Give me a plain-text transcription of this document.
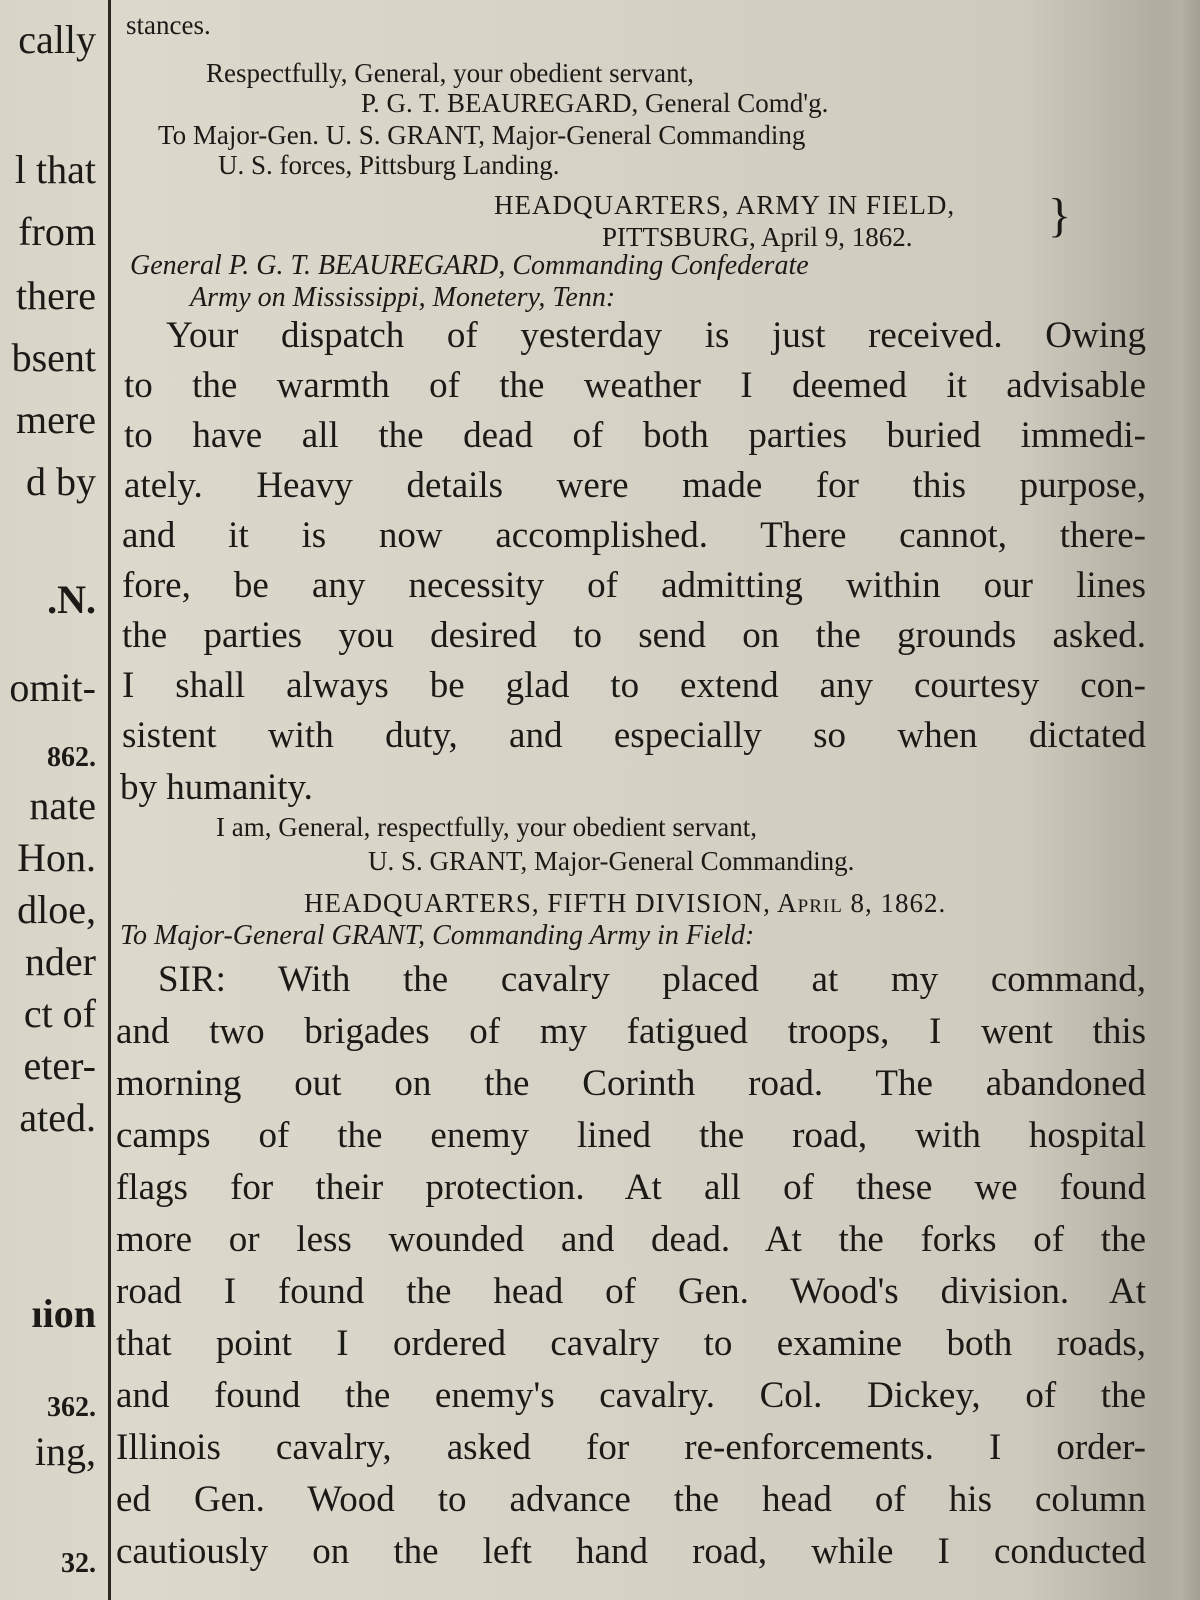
cally
l that
from
there
bsent
mere
d by
.N.
omit-
862.
nate
Hon.
dloe,
nder
ct of
eter-
ated.
ıion
362.
ing,
32.
}
stances.
Respectfully, General, your obedient servant,
P. G. T. BEAUREGARD, General Comd'g.
To Major-Gen. U. S. GRANT, Major-General Commanding
U. S. forces, Pittsburg Landing.
HEADQUARTERS, ARMY IN FIELD,
PITTSBURG, April 9, 1862.
General P. G. T. BEAUREGARD, Commanding Confederate
Army on Mississippi, Monetery, Tenn:
Your dispatch of yesterday is just received. Owing
to the warmth of the weather I deemed it advisable
to have all the dead of both parties buried immedi-
ately. Heavy details were made for this purpose,
and it is now accomplished. There cannot, there-
fore, be any necessity of admitting within our lines
the parties you desired to send on the grounds asked.
I shall always be glad to extend any courtesy con-
sistent with duty, and especially so when dictated
by humanity.
I am, General, respectfully, your obedient servant,
U. S. GRANT, Major-General Commanding.
HEADQUARTERS, FIFTH DIVISION, April 8, 1862.
To Major-General GRANT, Commanding Army in Field:
SIR: With the cavalry placed at my command,
and two brigades of my fatigued troops, I went this
morning out on the Corinth road. The abandoned
camps of the enemy lined the road, with hospital
flags for their protection. At all of these we found
more or less wounded and dead. At the forks of the
road I found the head of Gen. Wood's division. At
that point I ordered cavalry to examine both roads,
and found the enemy's cavalry. Col. Dickey, of the
Illinois cavalry, asked for re-enforcements. I order-
ed Gen. Wood to advance the head of his column
cautiously on the left hand road, while I conducted
